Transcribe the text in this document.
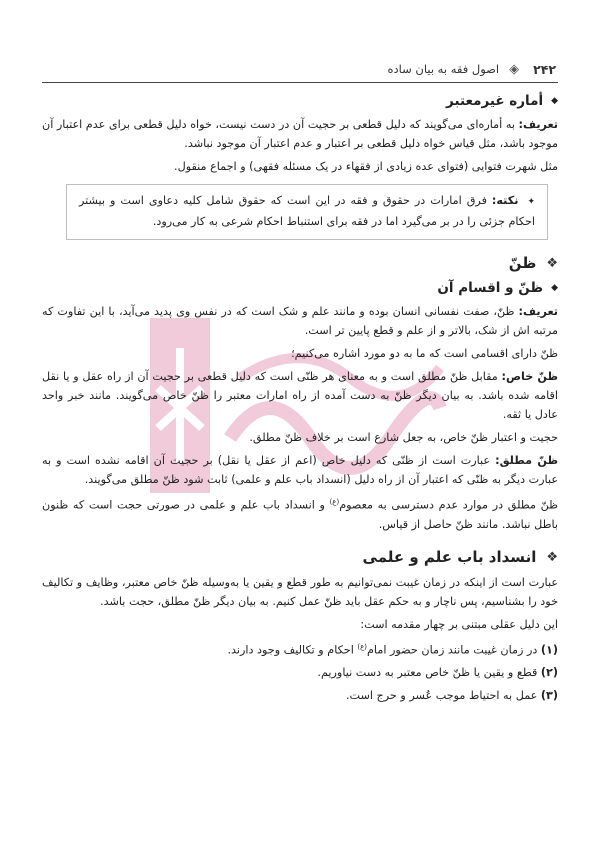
۲۴۲
◈
اصول فقه به بیان ساده
◆
أماره غیرمعتبر

تعریف: به أماره‌ای می‌گویند که دلیل قطعی بر حجیت آن در دست نیست، خواه دلیل قطعی برای عدم اعتبار آن موجود باشد، مثل قیاس خواه دلیل قطعی بر اعتبار و عدم اعتبار آن موجود نباشد.

مثل شهرت فتوایی (فتوای عده زیادی از فقهاء در یک مسئله فقهی) و اجماع منقول.

✦ نکته: فرق امارات در حقوق و فقه در این است که حقوق شامل کلیه دعاوی است و بیشتر احکام جزئی را در بر می‌گیرد اما در فقه برای استنباط احکام شرعی به کار می‌رود.
❖
ظنّ
◆
ظنّ و اقسام آن

تعریف: ظنّ، صفت نفسانی انسان بوده و مانند علم و شک است که در نفس وی پدید می‌آید، با این تفاوت که مرتبه اش از شک، بالاتر و از علم و قطع پایین تر است.

ظنّ دارای اقسامی است که ما به دو مورد اشاره می‌کنیم؛

ظنّ خاص: مقابل ظنّ مطلق است و به معنای هر ظنّی است که دلیل قطعی بر حجیت آن از راه عقل و یا نقل اقامه شده باشد. به بیان دیگر ظنّ به دست آمده از راه امارات معتبر را ظنّ خاص می‌گویند. مانند خبر واحد عادل یا ثقه.

حجیت و اعتبار ظنّ خاص، به جعل شارع است بر خلاف ظنّ مطلق.

ظنّ مطلق: عبارت است از ظنّی که دلیل خاص (اعم از عقل یا نقل) بر حجیت آن اقامه نشده است و به عبارت دیگر به ظنّی که اعتبار آن از راه دلیل (انسداد باب علم و علمی) ثابت شود ظنّ مطلق می‌گویند.

ظنّ مطلق در موارد عدم دسترسی به معصوم$^{(ع)}$ و انسداد باب علم و علمی در صورتی حجت است که ظنون باطل نباشد. مانند ظنّ حاصل از قیاس.

❖
انسداد باب علم و علمی

عبارت است از اینکه در زمان غیبت نمی‌توانیم به طور قطع و یقین یا به‌وسیله ظنّ خاص معتبر، وظایف و تکالیف خود را بشناسیم، پس ناچار و به حکم عقل باید ظنّ عمل کنیم. به بیان دیگر ظنّ مطلق، حجت باشد.

این دلیل عقلی مبتنی بر چهار مقدمه است:

(۱) در زمان غیبت مانند زمان حضور امام$^{(ع)}$ احکام و تکالیف وجود دارند.

(۲) قطع و یقین یا ظنّ خاص معتبر به دست نیاوریم.

(۳) عمل به احتیاط موجب عُسر و حرج است.
